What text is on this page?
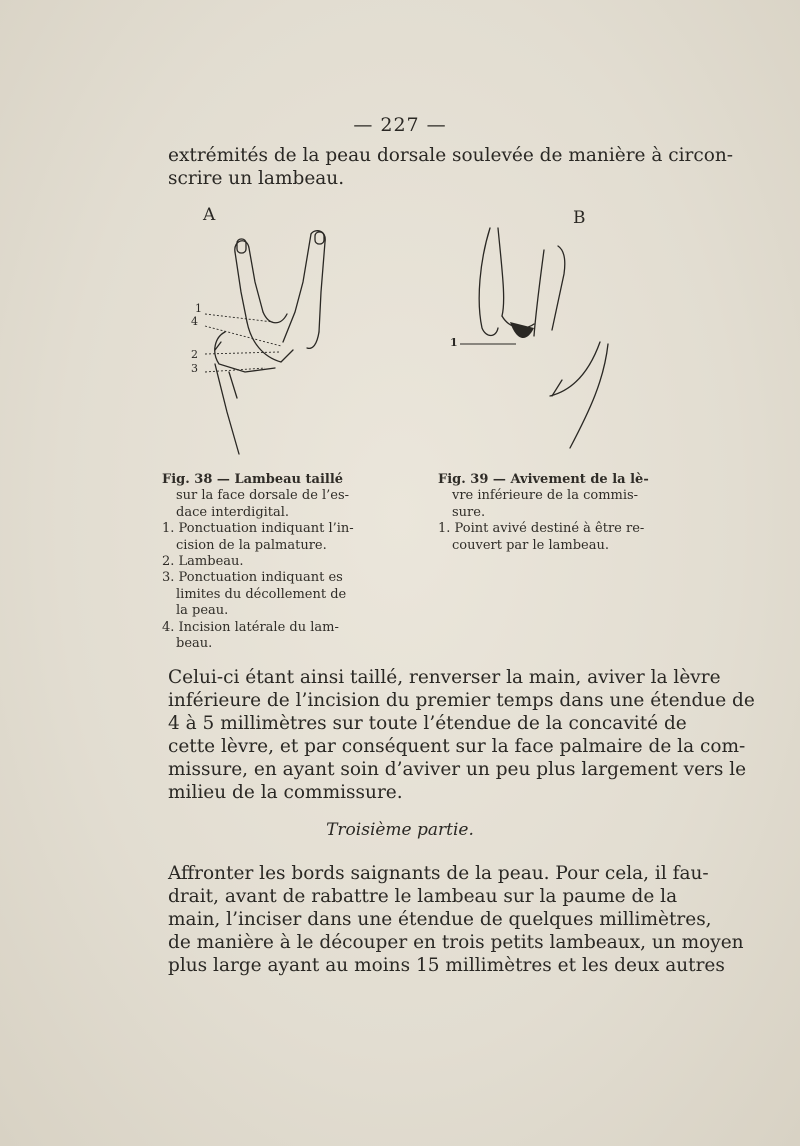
— 227 —
extrémités de la peau dorsale soulevée de manière à circon-
scrire un lambeau.
A
1
4
2
3
B
1
Fig. 38 — Lambeau taillé
sur la face dorsale de l’es-
dace interdigital.
1. Ponctuation indiquant l’in-
cision de la palmature.
2. Lambeau.
3. Ponctuation indiquant es
limites du décollement de
la peau.
4. Incision latérale du lam-
beau.
Fig. 39 — Avivement de la lè-
vre inférieure de la commis-
sure.
1. Point avivé destiné à être re-
couvert par le lambeau.
Celui-ci étant ainsi taillé, renverser la main, aviver la lèvre
inférieure de l’incision du premier temps dans une étendue de
4 à 5 millimètres sur toute l’étendue de la concavité de
cette lèvre, et par conséquent sur la face palmaire de la com-
missure, en ayant soin d’aviver un peu plus largement vers le
milieu de la commissure.
Troisième partie.
Affronter les bords saignants de la peau. Pour cela, il fau-
drait, avant de rabattre le lambeau sur la paume de la
main, l’inciser dans une étendue de quelques millimètres,
de manière à le découper en trois petits lambeaux, un moyen
plus large ayant au moins 15 millimètres et les deux autres
